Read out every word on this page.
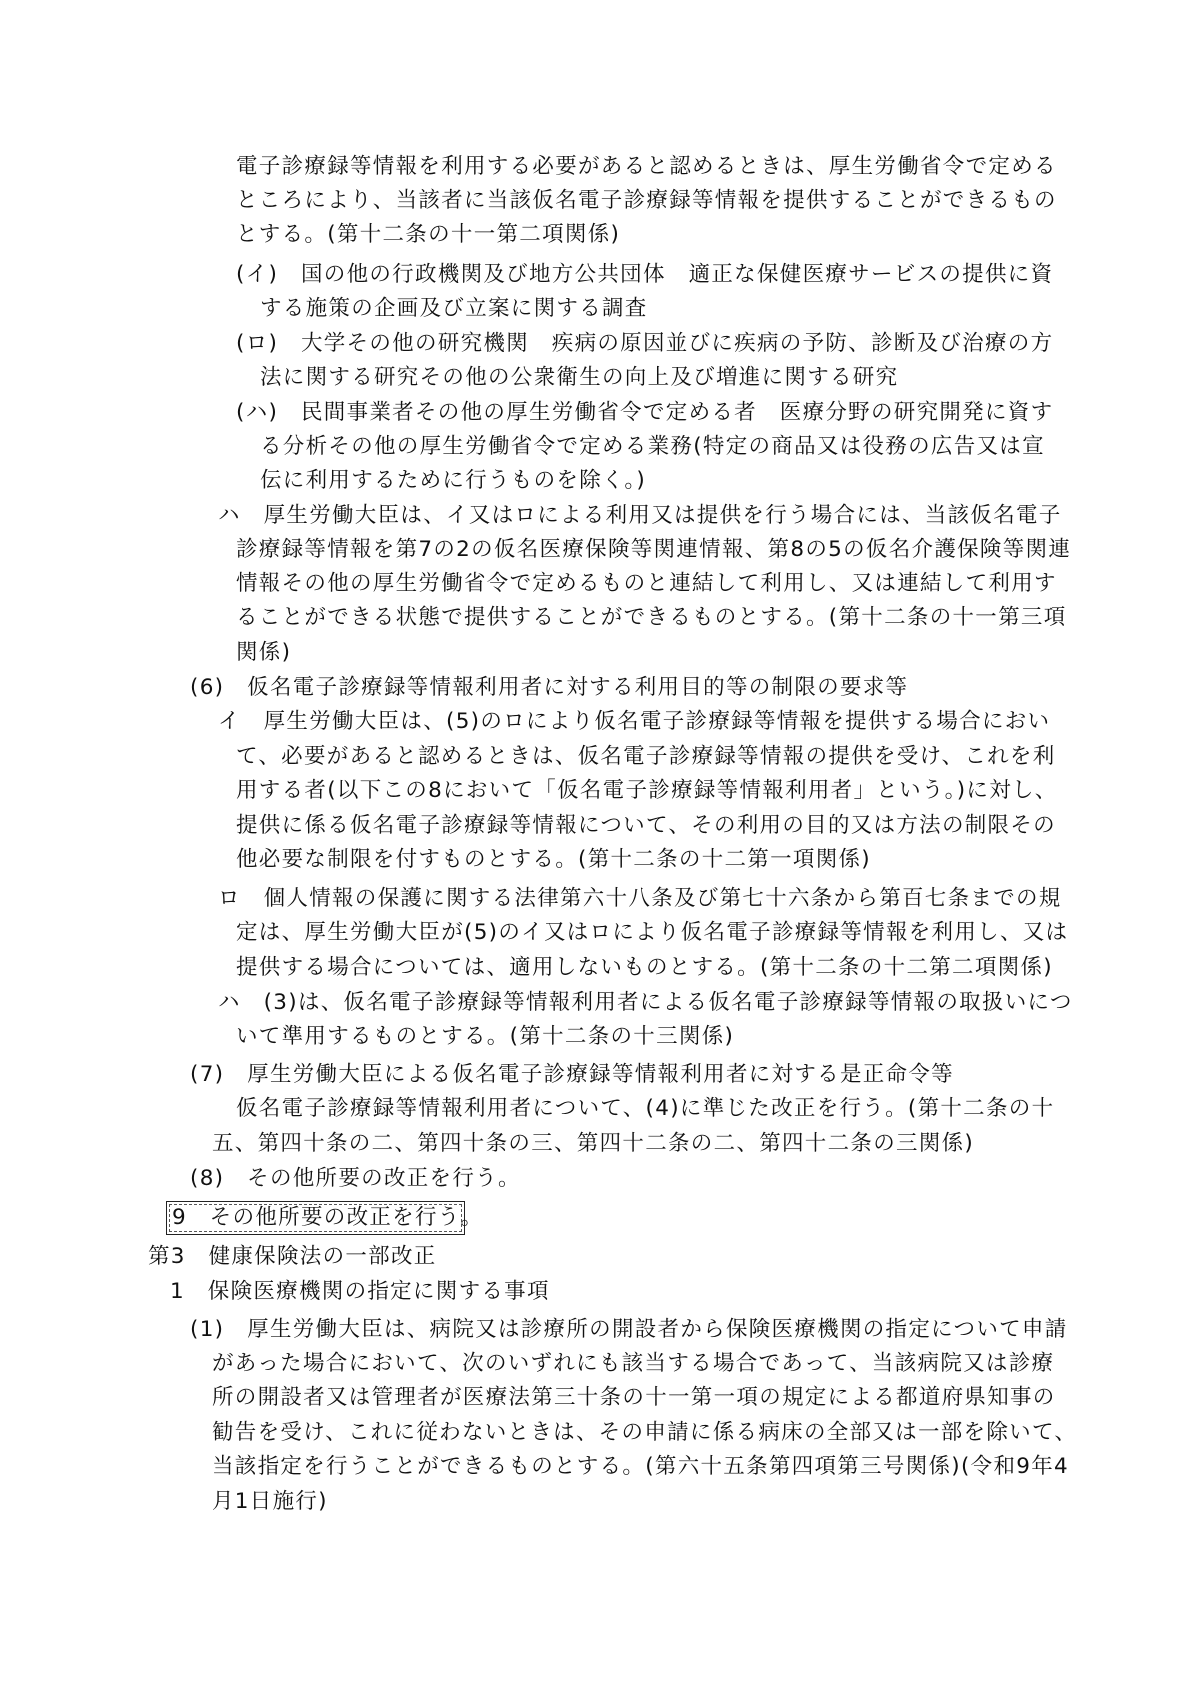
電子診療録等情報を利用する必要があると認めるときは、厚生労働省令で定める
ところにより、当該者に当該仮名電子診療録等情報を提供することができるもの
とする。(第十二条の十一第二項関係)
(イ)　国の他の行政機関及び地方公共団体　適正な保健医療サービスの提供に資
する施策の企画及び立案に関する調査
(ロ)　大学その他の研究機関　疾病の原因並びに疾病の予防、診断及び治療の方
法に関する研究その他の公衆衛生の向上及び増進に関する研究
(ハ)　民間事業者その他の厚生労働省令で定める者　医療分野の研究開発に資す
る分析その他の厚生労働省令で定める業務(特定の商品又は役務の広告又は宣
伝に利用するために行うものを除く。)
ハ　厚生労働大臣は、イ又はロによる利用又は提供を行う場合には、当該仮名電子
診療録等情報を第7の2の仮名医療保険等関連情報、第8の5の仮名介護保険等関連
情報その他の厚生労働省令で定めるものと連結して利用し、又は連結して利用す
ることができる状態で提供することができるものとする。(第十二条の十一第三項
関係)
(6)　仮名電子診療録等情報利用者に対する利用目的等の制限の要求等
イ　厚生労働大臣は、(5)のロにより仮名電子診療録等情報を提供する場合におい
て、必要があると認めるときは、仮名電子診療録等情報の提供を受け、これを利
用する者(以下この8において「仮名電子診療録等情報利用者」という。)に対し、
提供に係る仮名電子診療録等情報について、その利用の目的又は方法の制限その
他必要な制限を付すものとする。(第十二条の十二第一項関係)
ロ　個人情報の保護に関する法律第六十八条及び第七十六条から第百七条までの規
定は、厚生労働大臣が(5)のイ又はロにより仮名電子診療録等情報を利用し、又は
提供する場合については、適用しないものとする。(第十二条の十二第二項関係)
ハ　(3)は、仮名電子診療録等情報利用者による仮名電子診療録等情報の取扱いにつ
いて準用するものとする。(第十二条の十三関係)
(7)　厚生労働大臣による仮名電子診療録等情報利用者に対する是正命令等
仮名電子診療録等情報利用者について、(4)に準じた改正を行う。(第十二条の十
五、第四十条の二、第四十条の三、第四十二条の二、第四十二条の三関係)
(8)　その他所要の改正を行う。
9　その他所要の改正を行う。
第3　健康保険法の一部改正
1　保険医療機関の指定に関する事項
(1)　厚生労働大臣は、病院又は診療所の開設者から保険医療機関の指定について申請
があった場合において、次のいずれにも該当する場合であって、当該病院又は診療
所の開設者又は管理者が医療法第三十条の十一第一項の規定による都道府県知事の
勧告を受け、これに従わないときは、その申請に係る病床の全部又は一部を除いて、
当該指定を行うことができるものとする。(第六十五条第四項第三号関係)(令和9年4
月1日施行)
